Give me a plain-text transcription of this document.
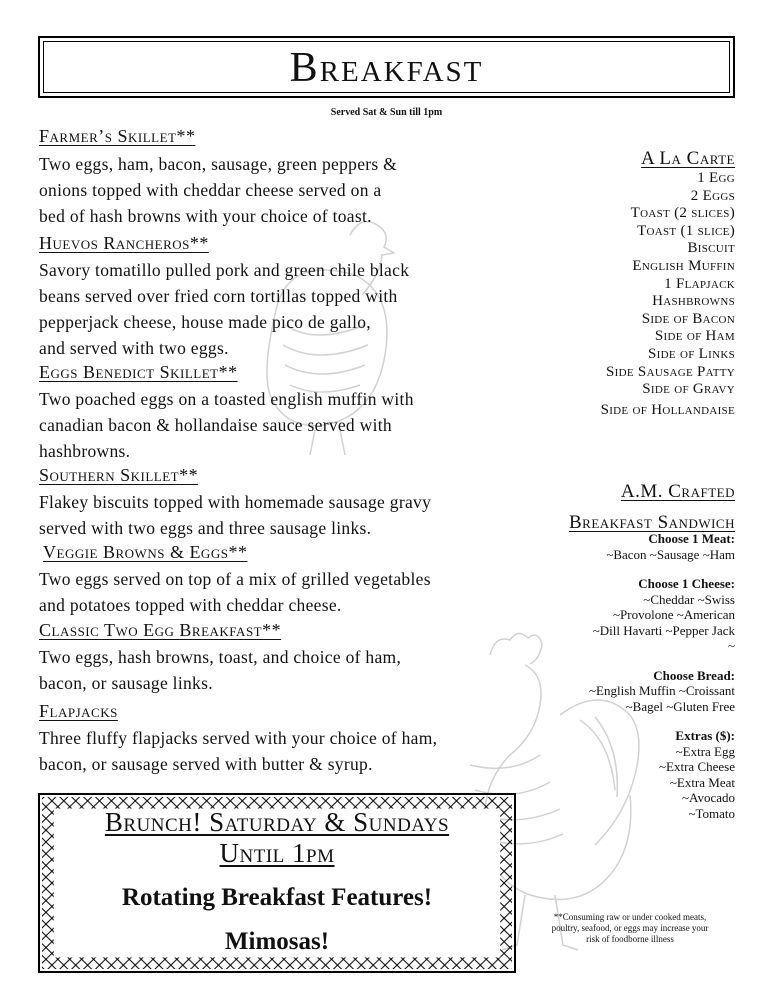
Breakfast
Served Sat & Sun till 1pm
Farmer’s Skillet**
Two eggs, ham, bacon, sausage, green peppers &
onions topped with cheddar cheese served on a
bed of hash browns with your choice of toast.
Huevos Rancheros**
Savory tomatillo pulled pork and green chile black
beans served over fried corn tortillas topped with
pepperjack cheese, house made pico de gallo,
and served with two eggs.
Eggs Benedict Skillet**
Two poached eggs on a toasted english muffin with
canadian bacon & hollandaise sauce served with
hashbrowns.
Southern Skillet**
Flakey biscuits topped with homemade sausage gravy
served with two eggs and three sausage links.
Veggie Browns & Eggs**
Two eggs served on top of a mix of grilled vegetables
and potatoes topped with cheddar cheese.
Classic Two Egg Breakfast**
Two eggs, hash browns, toast, and choice of ham,
bacon, or sausage links.
Flapjacks
Three fluffy flapjacks served with your choice of ham,
bacon, or sausage served with butter & syrup.
A La Carte
1 Egg
2 Eggs
Toast (2 slices)
Toast (1 slice)
Biscuit
English Muffin
1 Flapjack
Hashbrowns
Side of Bacon
Side of Ham
Side of Links
Side Sausage Patty
Side of Gravy
Side of Hollandaise
A.M. Crafted
Breakfast Sandwich
Choose 1 Meat:
~Bacon ~Sausage ~Ham
Choose 1 Cheese:
~Cheddar ~Swiss
~Provolone ~American
~Dill Havarti ~Pepper Jack
~
Choose Bread:
~English Muffin ~Croissant
~Bagel ~Gluten Free
Extras ($):
~Extra Egg
~Extra Cheese
~Extra Meat
~Avocado
~Tomato
Brunch! Saturday & Sundays
Until 1pm
Rotating Breakfast Features!
Mimosas!
**Consuming raw or under cooked meats,
poultry, seafood, or eggs may increase your
risk of foodborne illness
